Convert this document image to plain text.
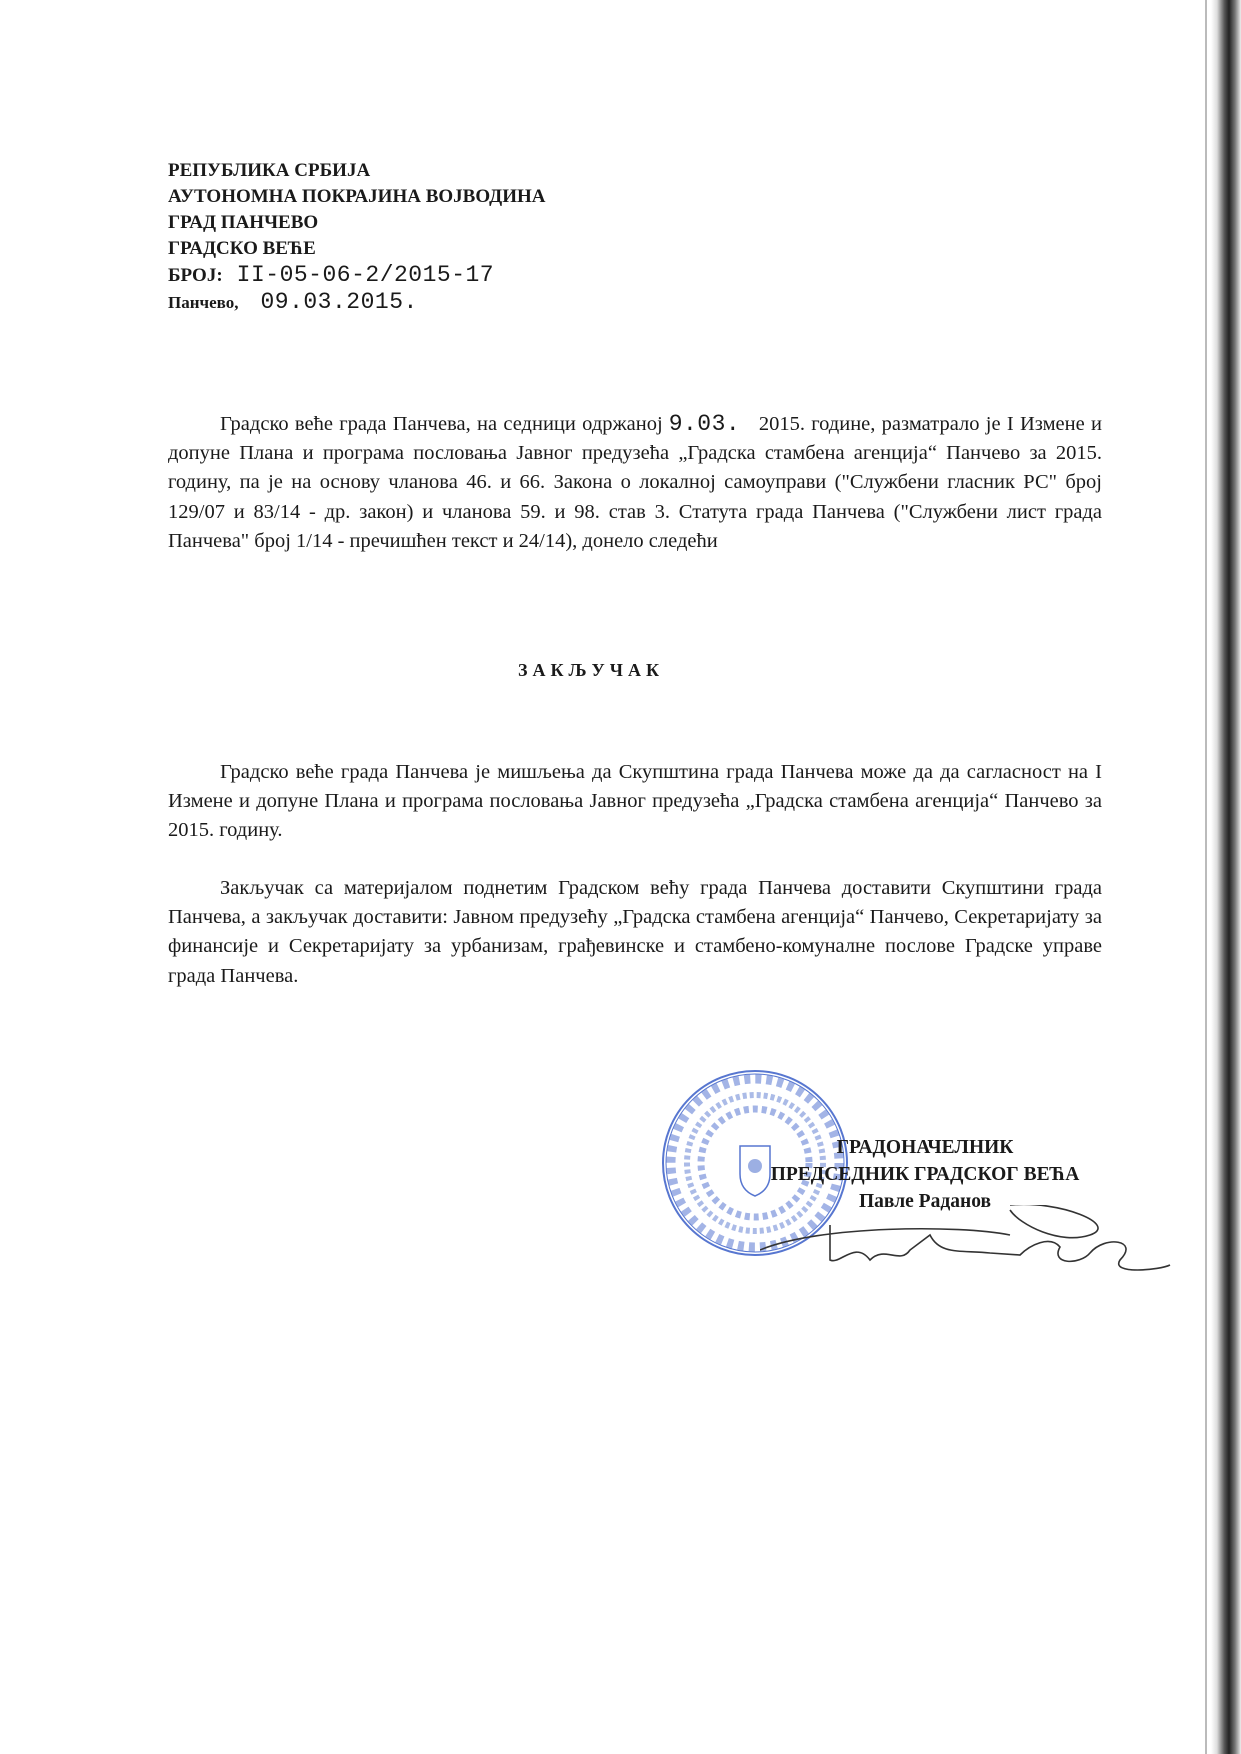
РЕПУБЛИКА СРБИЈА
АУТОНОМНА ПОКРАЈИНА ВОЈВОДИНА
ГРАД ПАНЧЕВО
ГРАДСКО ВЕЋЕ
БРОЈ: II-05-06-2/2015-17
Панчево, 09.03.2015.
Градско веће града Панчева, на седници одржаној 9.03. 2015. године, разматрало је I Измене и допуне Плана и програма пословања Јавног предузећа „Градска стамбена агенција“ Панчево за 2015. годину, па је на основу чланова 46. и 66. Закона о локалној самоуправи ("Службени гласник РС" број 129/07 и 83/14 - др. закон) и чланова 59. и 98. став 3. Статута града Панчева ("Службени лист града Панчева" број 1/14 - пречишћен текст и 24/14), донело следећи
ЗАКЉУЧАК
Градско веће града Панчева је мишљења да Скупштина града Панчева може да да сагласност на I Измене и допуне Плана и програма пословања Јавног предузећа „Градска стамбена агенција“ Панчево за 2015. годину.
Закључак са материјалом поднетим Градском већу града Панчева доставити Скупштини града Панчева, а закључак доставити: Јавном предузећу „Градска стамбена агенција“ Панчево, Секретаријату за финансије и Секретаријату за урбанизам, грађевинске и стамбено-комуналне послове Градске управе града Панчева.
ГРАДОНАЧЕЛНИК
ПРЕДСЕДНИК ГРАДСКОГ ВЕЋА
Павле Раданов
